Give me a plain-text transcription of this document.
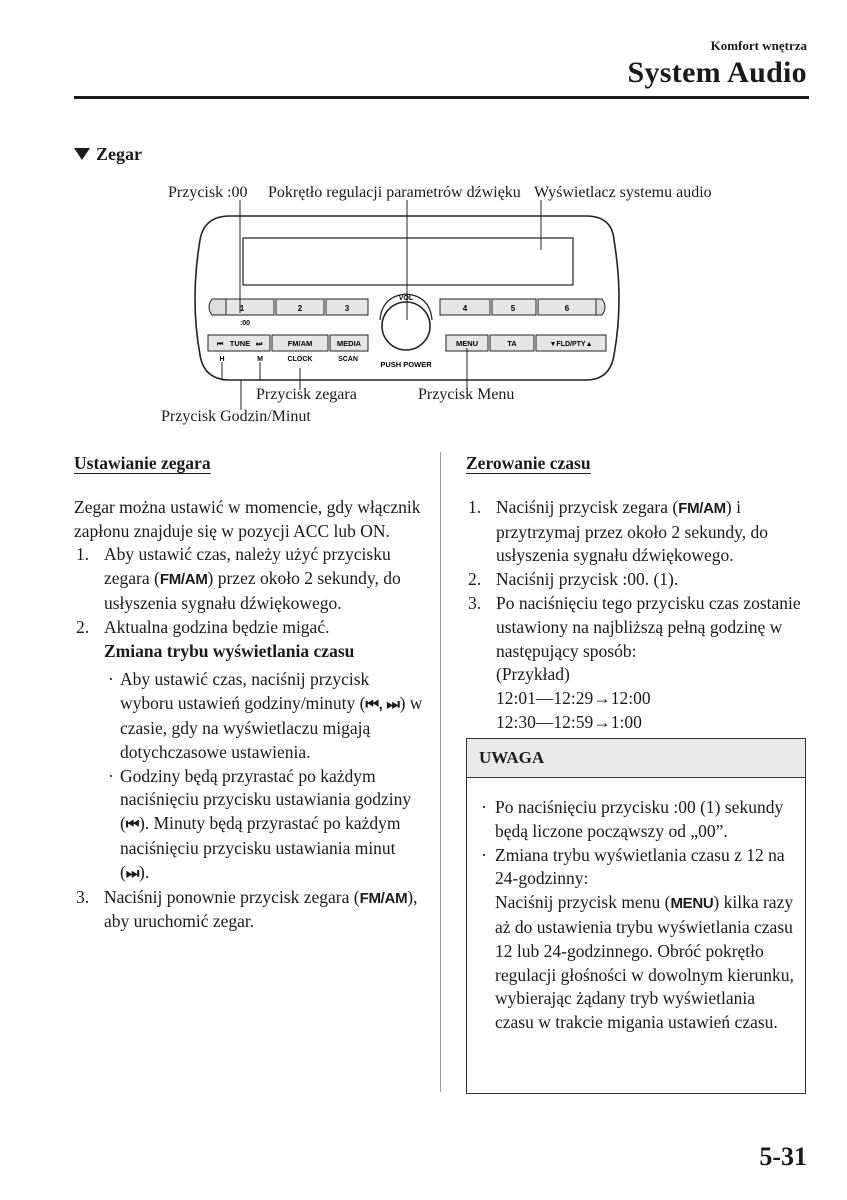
Komfort wnętrza
System Audio
Zegar
Przycisk :00 Pokrętło regulacji parametrów dźwięku Wyświetlacz systemu audio
Przycisk zegara	Przycisk Menu
Przycisk Godzin/Minut
1	2	3	4	5	6
:00
VOL
PUSH POWER
⏮ TUNE ⏭	FM/AM	MEDIA	MENU	TA	▼FLD/PTY▲
H	M	CLOCK	SCAN
Ustawianie zegara

Zegar można ustawić w momencie, gdy włącznik zapłonu znajduje się w pozycji ACC lub ON.

1. Aby ustawić czas, należy użyć przycisku zegara (FM/AM) przez około 2 sekundy, do usłyszenia sygnału dźwiękowego.
2. Aktualna godzina będzie migać.
Zmiana trybu wyświetlania czasu
· Aby ustawić czas, naciśnij przycisk wyboru ustawień godziny/minuty (⏮, ⏭) w czasie, gdy na wyświetlaczu migają dotychczasowe ustawienia.
· Godziny będą przyrastać po każdym naciśnięciu przycisku ustawiania godziny (⏮). Minuty będą przyrastać po każdym naciśnięciu przycisku ustawiania minut (⏭).
3. Naciśnij ponownie przycisk zegara (FM/AM), aby uruchomić zegar.
Zerowanie czasu
1. Naciśnij przycisk zegara (FM/AM) i przytrzymaj przez około 2 sekundy, do usłyszenia sygnału dźwiękowego.
2. Naciśnij przycisk :00. (1).
3. Po naciśnięciu tego przycisku czas zostanie ustawiony na najbliższą pełną godzinę w następujący sposób:
(Przykład)
12:01—12:29→12:00
12:30—12:59→1:00
UWAGA
· Po naciśnięciu przycisku :00 (1) sekundy będą liczone począwszy od „00”.
· Zmiana trybu wyświetlania czasu z 12 na 24-godzinny:
Naciśnij przycisk menu (MENU) kilka razy aż do ustawienia trybu wyświetlania czasu 12 lub 24-godzinnego. Obróć pokrętło regulacji głośności w dowolnym kierunku, wybierając żądany tryb wyświetlania czasu w trakcie migania ustawień czasu.
5-31
